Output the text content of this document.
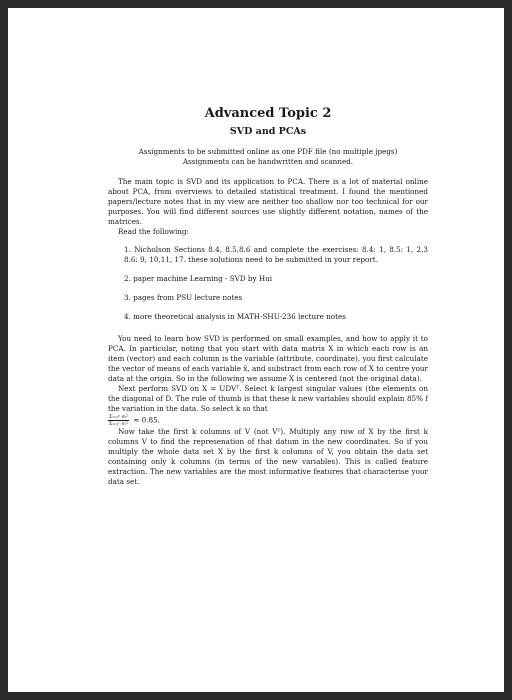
Advanced Topic 2
SVD and PCAs
Assignments to be submitted online as one PDF file (no multiple jpegs)
Assignments can be handwritten and scanned.

The main topic is SVD and its application to PCA. There is a lot of material online about PCA, from overviews to detailed statistical treatment. I found the mentioned papers/lecture notes that in my view are neither too shallow nor too technical for our purposes. You will find different sources use slightly different notation, names of the matrices.

Read the following:

1. Nicholson Sections 8.4, 8.5,8.6 and complete the exercises: 8.4: 1, 8.5: 1, 2,3 8.6: 9, 10,11, 17. these solutions need to be submitted in your report.
2. paper machine Learning - SVD by Hui
3. pages from PSU lecture notes
4. more theoretical analysis in MATH-SHU-236 lecture notes

You need to learn how SVD is performed on small examples, and how to apply it to PCA. In particular, noting that you start with data matrix X in which each row is an item (vector) and each column is the variable (attribute, coordinate), you first calculate the vector of means of each variable x̄, and substract from each row of X to centre your data at the origin. So in the following we assume X is centered (not the original data).

Next perform SVD on X = UDVᵀ. Select k largest singular values (the elements on the diagonal of D. The rule of thumb is that these k new variables should explain 85% f the variation in the data. So select k so that

$\frac{\text{Σᵢ₌₁ᵏ σᵢ²}}{\text{Σᵢ₌₁ʳ σᵢ²}} \approx 0.85$.

Now take the first k columns of V (not Vᵀ). Multiply any row of X by the first k columns V to find the represenation of that datum in the new coordinates. So if you multiply the whole data set X by the first k columns of V, you obtain the data set containing only k columns (in terms of the new variables). This is called feature extraction. The new variables are the most informative features that characterise your data set.
